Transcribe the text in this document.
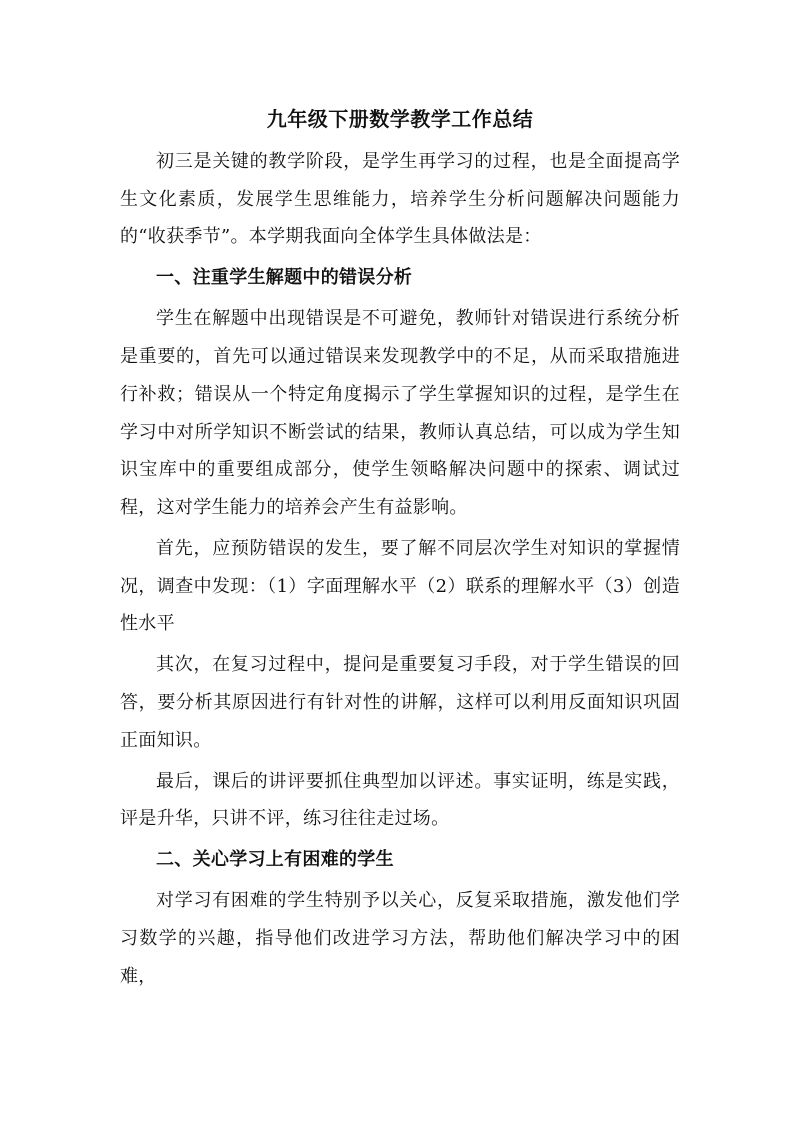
九年级下册数学教学工作总结

初三是关键的教学阶段，是学生再学习的过程，也是全面提高学生文化素质，发展学生思维能力，培养学生分析问题解决问题能力的“收获季节”。本学期我面向全体学生具体做法是：

一、注重学生解题中的错误分析

学生在解题中出现错误是不可避免，教师针对错误进行系统分析是重要的，首先可以通过错误来发现教学中的不足，从而采取措施进行补救；错误从一个特定角度揭示了学生掌握知识的过程，是学生在学习中对所学知识不断尝试的结果，教师认真总结，可以成为学生知识宝库中的重要组成部分，使学生领略解决问题中的探索、调试过程，这对学生能力的培养会产生有益影响。

首先，应预防错误的发生，要了解不同层次学生对知识的掌握情况，调查中发现：（1）字面理解水平（2）联系的理解水平（3）创造性水平

其次，在复习过程中，提问是重要复习手段，对于学生错误的回答，要分析其原因进行有针对性的讲解，这样可以利用反面知识巩固正面知识。

最后，课后的讲评要抓住典型加以评述。事实证明，练是实践，评是升华，只讲不评，练习往往走过场。

二、关心学习上有困难的学生

对学习有困难的学生特别予以关心，反复采取措施，激发他们学习数学的兴趣，指导他们改进学习方法，帮助他们解决学习中的困难，
